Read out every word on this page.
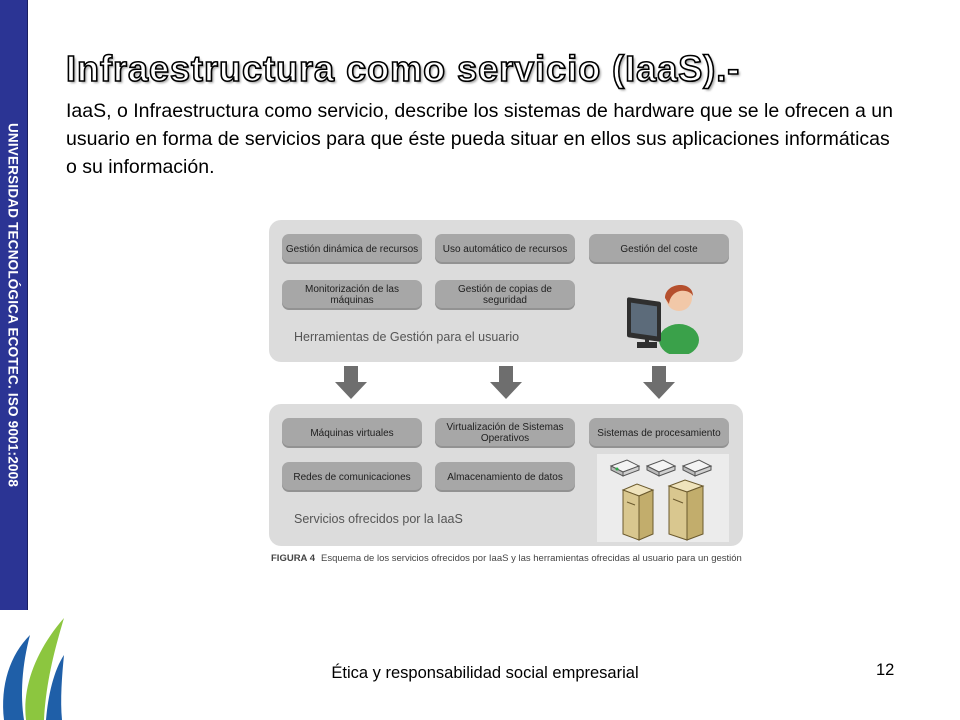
UNIVERSIDAD TECNOLÓGICA ECOTEC. ISO 9001:2008
Infraestructura como servicio (IaaS).-

IaaS, o Infraestructura como servicio, describe los sistemas de hardware que se le ofrecen a un usuario en forma de servicios para que éste pueda situar en ellos sus aplicaciones informáticas o su información.

Gestión dinámica de recursos	Uso automático de recursos	Gestión del coste
Monitorización de las máquinas
Gestión de copias de seguridad
Herramientas de Gestión para el usuario
Máquinas virtuales	Virtualización de Sistemas Operativos	Sistemas de procesamiento
Redes de comunicaciones	Almacenamiento de datos
Servicios ofrecidos por la IaaS
FIGURA 4 Esquema de los servicios ofrecidos por IaaS y las herramientas ofrecidas al usuario para un gestión
Ética y responsabilidad social empresarial	12
